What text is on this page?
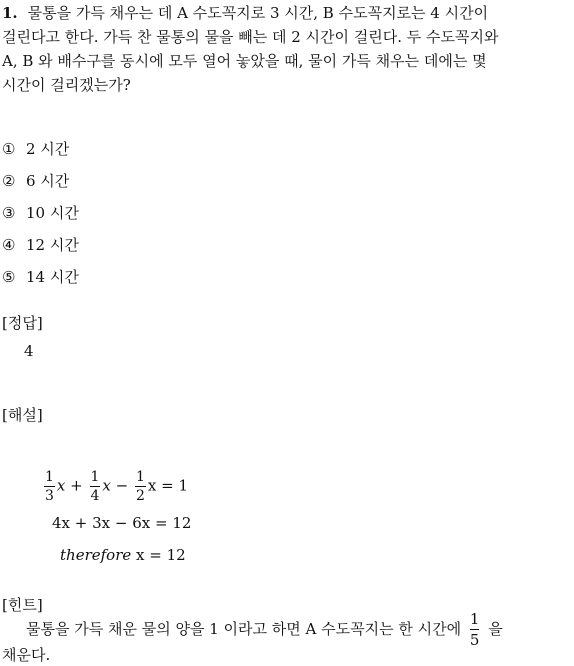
1. 물통을 가득 채우는 데 A 수도꼭지로 3 시간, B 수도꼭지로는 4 시간이
걸린다고 한다. 가득 찬 물통의 물을 빼는 데 2 시간이 걸린다. 두 수도꼭지와
A, B 와 배수구를 동시에 모두 열어 놓았을 때, 물이 가득 채우는 데에는 몇
시간이 걸리겠는가?
① 2 시간
② 6 시간
③ 10 시간
④ 12 시간
⑤ 14 시간
[정답]
4
[해설]
$\frac{1}{3}$ $x + \frac{1}{4}$ $x - \frac{1}{2}$ x = 1
4x + 3x − 6x = 12
therefore x = 12
[힌트]
물통을 가득 채운 물의 양을 1 이라고 하면 A 수도꼭지는 한 시간에 $\frac{1}{5}$ 을
채운다.
